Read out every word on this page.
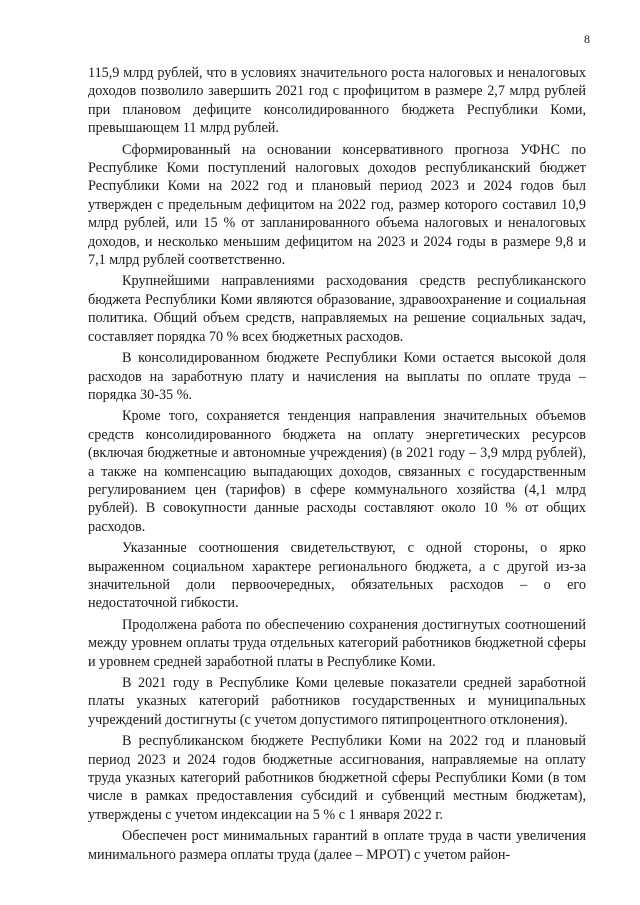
8

115,9 млрд рублей, что в условиях значительного роста налоговых и неналоговых доходов позволило завершить 2021 год с профицитом в размере 2,7 млрд рублей при плановом дефиците консолидированного бюджета Республики Коми, превышающем 11 млрд рублей.

Сформированный на основании консервативного прогноза УФНС по Республике Коми поступлений налоговых доходов республиканский бюджет Республики Коми на 2022 год и плановый период 2023 и 2024 годов был утвержден с предельным дефицитом на 2022 год, размер которого составил 10,9 млрд рублей, или 15 % от запланированного объема налоговых и неналоговых доходов, и несколько меньшим дефицитом на 2023 и 2024 годы в размере 9,8 и 7,1 млрд рублей соответственно.

Крупнейшими направлениями расходования средств республиканского бюджета Республики Коми являются образование, здравоохранение и социальная политика. Общий объем средств, направляемых на решение социальных задач, составляет порядка 70 % всех бюджетных расходов.

В консолидированном бюджете Республики Коми остается высокой доля расходов на заработную плату и начисления на выплаты по оплате труда – порядка 30-35 %.

Кроме того, сохраняется тенденция направления значительных объемов средств консолидированного бюджета на оплату энергетических ресурсов (включая бюджетные и автономные учреждения) (в 2021 году – 3,9 млрд рублей), а также на компенсацию выпадающих доходов, связанных с государственным регулированием цен (тарифов) в сфере коммунального хозяйства (4,1 млрд рублей). В совокупности данные расходы составляют около 10 % от общих расходов.

Указанные соотношения свидетельствуют, с одной стороны, о ярко выраженном социальном характере регионального бюджета, а с другой из-за значительной доли первоочередных, обязательных расходов – о его недостаточной гибкости.

Продолжена работа по обеспечению сохранения достигнутых соотношений между уровнем оплаты труда отдельных категорий работников бюджетной сферы и уровнем средней заработной платы в Республике Коми.

В 2021 году в Республике Коми целевые показатели средней заработной платы указных категорий работников государственных и муниципальных учреждений достигнуты (с учетом допустимого пятипроцентного отклонения).

В республиканском бюджете Республики Коми на 2022 год и плановый период 2023 и 2024 годов бюджетные ассигнования, направляемые на оплату труда указных категорий работников бюджетной сферы Республики Коми (в том числе в рамках предоставления субсидий и субвенций местным бюджетам), утверждены с учетом индексации на 5 % с 1 января 2022 г.

Обеспечен рост минимальных гарантий в оплате труда в части увеличения минимального размера оплаты труда (далее – МРОТ) с учетом район-
